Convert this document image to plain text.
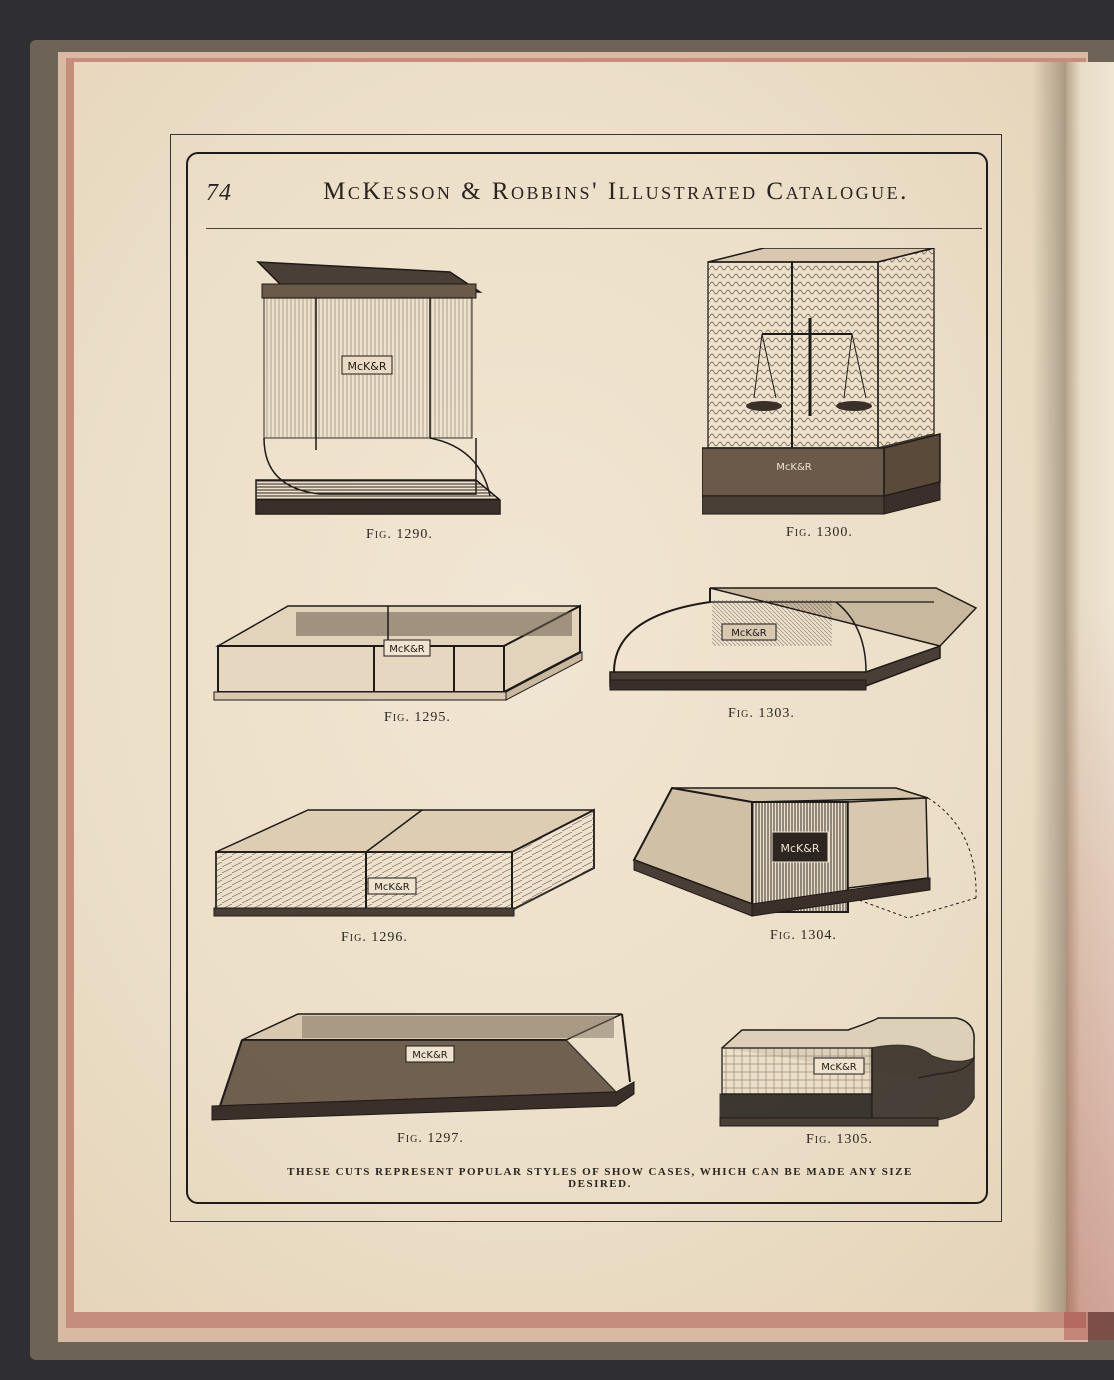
74	McKesson & Robbins' Illustrated Catalogue.
McK&R
Fig. 1290.
McK&R
Fig. 1300.
McK&R
Fig. 1295.
McK&R
Fig. 1303.
McK&R
Fig. 1296.
McK&R
Fig. 1304.
McK&R
Fig. 1297.
McK&R
Fig. 1305.
THESE CUTS REPRESENT POPULAR STYLES OF SHOW CASES, WHICH CAN BE MADE ANY SIZE DESIRED.
